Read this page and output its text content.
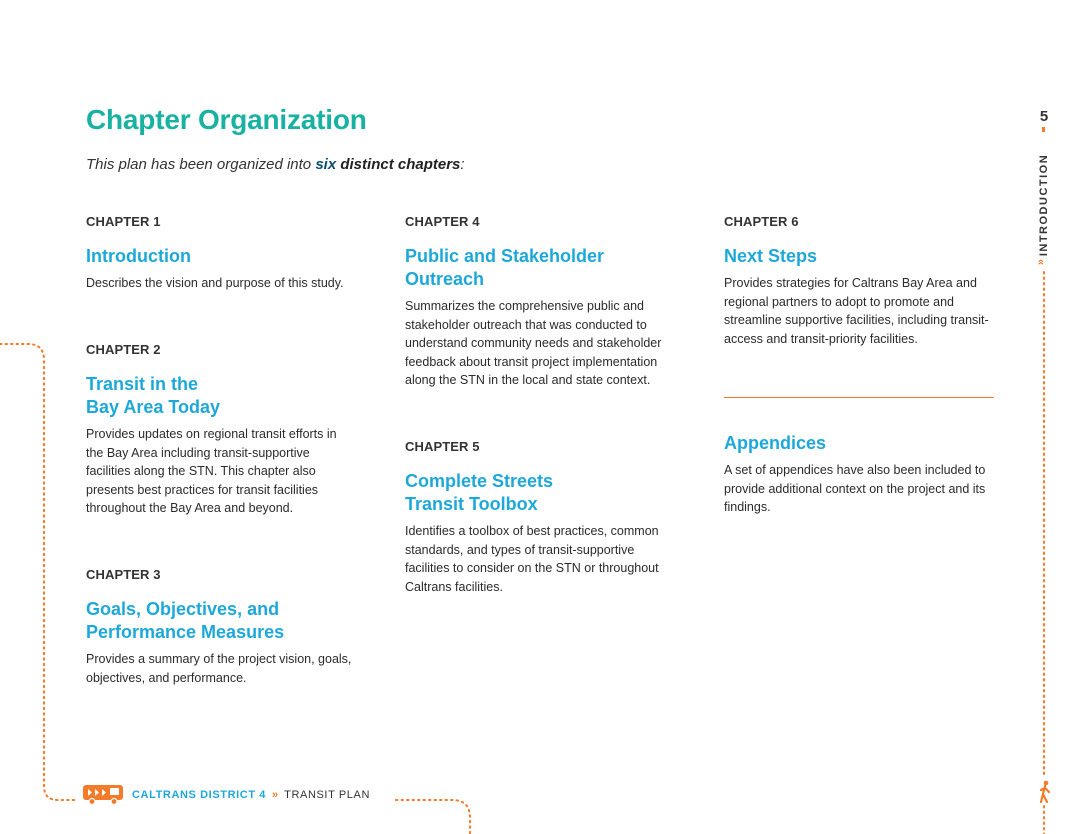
Chapter Organization

This plan has been organized into six distinct chapters:

CHAPTER 1
Introduction

Describes the vision and purpose of this study.

CHAPTER 2
Transit in the
Bay Area Today

Provides updates on regional transit efforts in the Bay Area including transit-supportive facilities along the STN. This chapter also presents best practices for transit facilities throughout the Bay Area and beyond.

CHAPTER 3
Goals, Objectives, and
Performance Measures

Provides a summary of the project vision, goals, objectives, and performance.

CHAPTER 4
Public and Stakeholder
Outreach

Summarizes the comprehensive public and stakeholder outreach that was conducted to understand community needs and stakeholder feedback about transit project implementation along the STN in the local and state context.

CHAPTER 5
Complete Streets
Transit Toolbox

Identifies a toolbox of best practices, common standards, and types of transit-supportive facilities to consider on the STN or throughout Caltrans facilities.

CHAPTER 6
Next Steps

Provides strategies for Caltrans Bay Area and regional partners to adopt to promote and streamline supportive facilities, including transit-access and transit-priority facilities.

Appendices

A set of appendices have also been included to provide additional context on the project and its findings.

5
INTRODUCTION
»
CALTRANS DISTRICT 4 » TRANSIT PLAN
